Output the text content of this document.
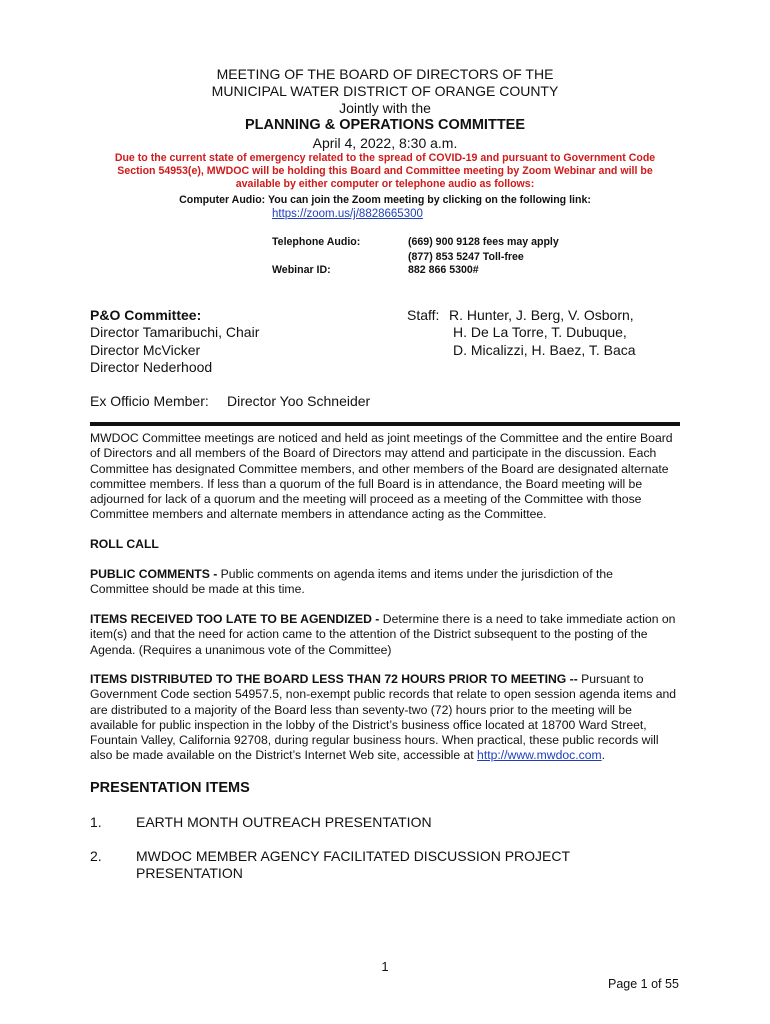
MEETING OF THE BOARD OF DIRECTORS OF THE
MUNICIPAL WATER DISTRICT OF ORANGE COUNTY
Jointly with the
PLANNING & OPERATIONS COMMITTEE
April 4, 2022, 8:30 a.m.
Due to the current state of emergency related to the spread of COVID-19 and pursuant to Government Code
Section 54953(e), MWDOC will be holding this Board and Committee meeting by Zoom Webinar and will be
available by either computer or telephone audio as follows:
Computer Audio: You can join the Zoom meeting by clicking on the following link:
https://zoom.us/j/8828665300
Telephone Audio:	(669) 900 9128 fees may apply
(877) 853 5247 Toll-free
Webinar ID:	882 866 5300#
P&O Committee:
Director Tamaribuchi, Chair
Director McVicker
Director Nederhood
Staff: R. Hunter, J. Berg, V. Osborn,
H. De La Torre, T. Dubuque,
D. Micalizzi, H. Baez, T. Baca
Ex Officio Member: Director Yoo Schneider
MWDOC Committee meetings are noticed and held as joint meetings of the Committee and the entire Board of Directors and all members of the Board of Directors may attend and participate in the discussion. Each Committee has designated Committee members, and other members of the Board are designated alternate committee members. If less than a quorum of the full Board is in attendance, the Board meeting will be adjourned for lack of a quorum and the meeting will proceed as a meeting of the Committee with those Committee members and alternate members in attendance acting as the Committee.
ROLL CALL
PUBLIC COMMENTS - Public comments on agenda items and items under the jurisdiction of the Committee should be made at this time.
ITEMS RECEIVED TOO LATE TO BE AGENDIZED - Determine there is a need to take immediate action on item(s) and that the need for action came to the attention of the District subsequent to the posting of the Agenda. (Requires a unanimous vote of the Committee)
ITEMS DISTRIBUTED TO THE BOARD LESS THAN 72 HOURS PRIOR TO MEETING -- Pursuant to Government Code section 54957.5, non-exempt public records that relate to open session agenda items and are distributed to a majority of the Board less than seventy-two (72) hours prior to the meeting will be available for public inspection in the lobby of the District’s business office located at 18700 Ward Street, Fountain Valley, California 92708, during regular business hours. When practical, these public records will also be made available on the District’s Internet Web site, accessible at http://www.mwdoc.com.
PRESENTATION ITEMS
1. EARTH MONTH OUTREACH PRESENTATION
2. MWDOC MEMBER AGENCY FACILITATED DISCUSSION PROJECT PRESENTATION
1
Page 1 of 55
